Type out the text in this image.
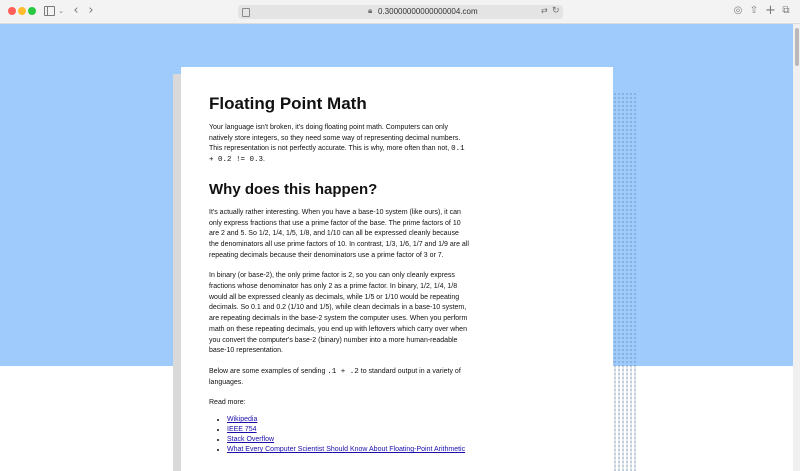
⌄ ‹ ›	🔒︎ 0.30000000000000004.com	⇄ ↻	◎ ⇧ + ⧉
Floating Point Math

Your language isn't broken, it's doing floating point math. Computers can only natively store integers, so they need some way of representing decimal numbers. This representation is not perfectly accurate. This is why, more often than not, 0.1 + 0.2 != 0.3.

Why does this happen?

It's actually rather interesting. When you have a base-10 system (like ours), it can only express fractions that use a prime factor of the base. The prime factors of 10 are 2 and 5. So 1/2, 1/4, 1/5, 1/8, and 1/10 can all be expressed cleanly because the denominators all use prime factors of 10. In contrast, 1/3, 1/6, 1/7 and 1/9 are all repeating decimals because their denominators use a prime factor of 3 or 7.

In binary (or base-2), the only prime factor is 2, so you can only cleanly express fractions whose denominator has only 2 as a prime factor. In binary, 1/2, 1/4, 1/8 would all be expressed cleanly as decimals, while 1/5 or 1/10 would be repeating decimals. So 0.1 and 0.2 (1/10 and 1/5), while clean decimals in a base-10 system, are repeating decimals in the base-2 system the computer uses. When you perform math on these repeating decimals, you end up with leftovers which carry over when you convert the computer's base-2 (binary) number into a more human-readable base-10 representation.

Below are some examples of sending .1 + .2 to standard output in a variety of languages.

Read more:

• Wikipedia
• IEEE 754
• Stack Overflow
• What Every Computer Scientist Should Know About Floating-Point Arithmetic
